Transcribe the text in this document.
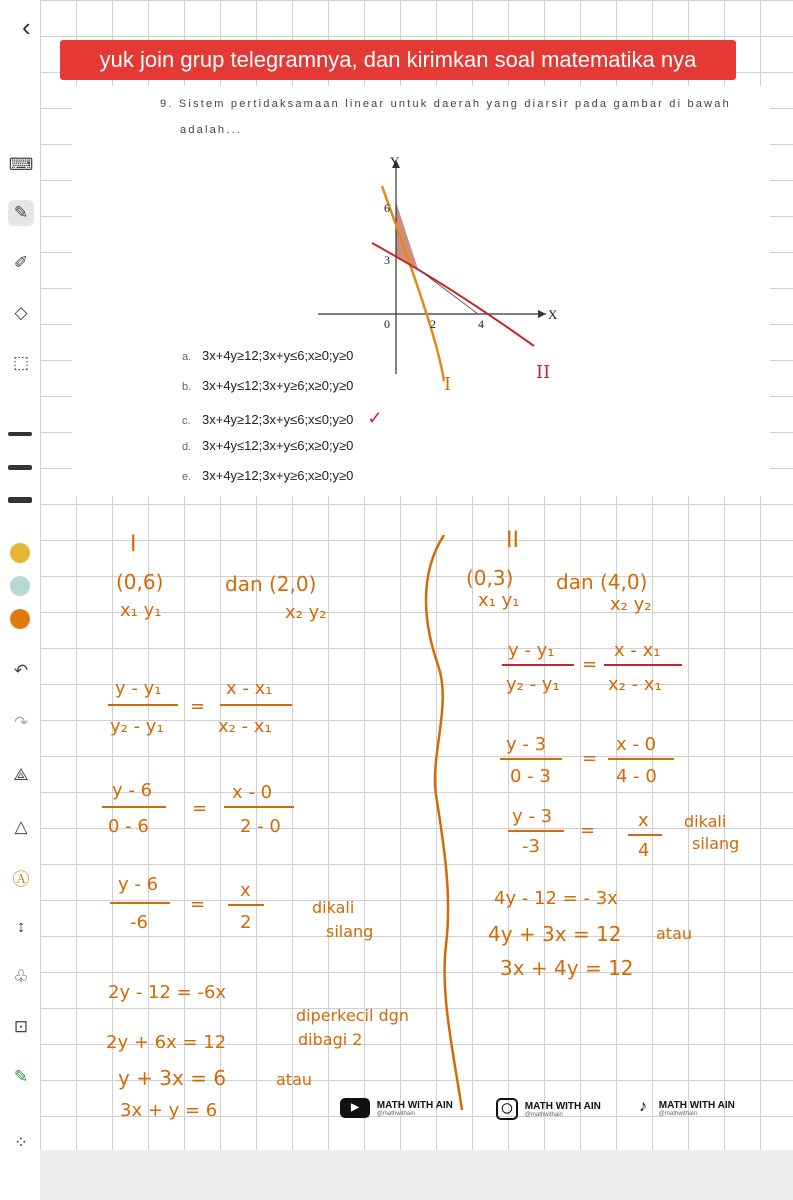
‹
⌨
✎
✐
◇
⬚
↶
↷
⟁
△
Ⓐ
↕
♧
⊡
✎
⁘
yuk join grup telegramnya, dan kirimkan soal matematika nya
9. Sistem pertidaksamaan linear untuk daerah yang diarsir pada gambar di bawah
adalah...
Y
X
6
3
0	2	4
I
II
a. 3x+4y≥12;3x+y≤6;x≥0;y≥0
b. 3x+4y≤12;3x+y≥6;x≥0;y≥0
c. 3x+4y≥12;3x+y≤6;x≤0;y≥0 ✓
d. 3x+4y≤12;3x+y≤6;x≥0;y≥0
e. 3x+4y≥12;3x+y≥6;x≥0;y≥0
I
(0,6)	dan (2,0)
x₁ y₁	x₂ y₂
y - y₁
y₂ - y₁
=
x - x₁
x₂ - x₁
y - 6
0 - 6
=
x - 0
2 - 0
y - 6
-6
=
x
2
dikali
silang
2y - 12 = -6x
diperkecil dgn
dibagi 2
2y + 6x = 12
y + 3x = 6	atau
3x + y = 6
II
(0,3) dan (4,0)
x₁ y₁	x₂ y₂
y - y₁
y₂ - y₁
=
x - x₁
x₂ - x₁
y - 3
0 - 3
=
x - 0
4 - 0
y - 3
-3
= x
4
dikali
silang
4y - 12 = - 3x
4y + 3x = 12 atau
3x + 4y = 12
▶ MATH WITH AIN
@mathwithain	◯ MATH WITH AIN
@mathwithain	♪ MATH WITH AIN
@mathwithain
